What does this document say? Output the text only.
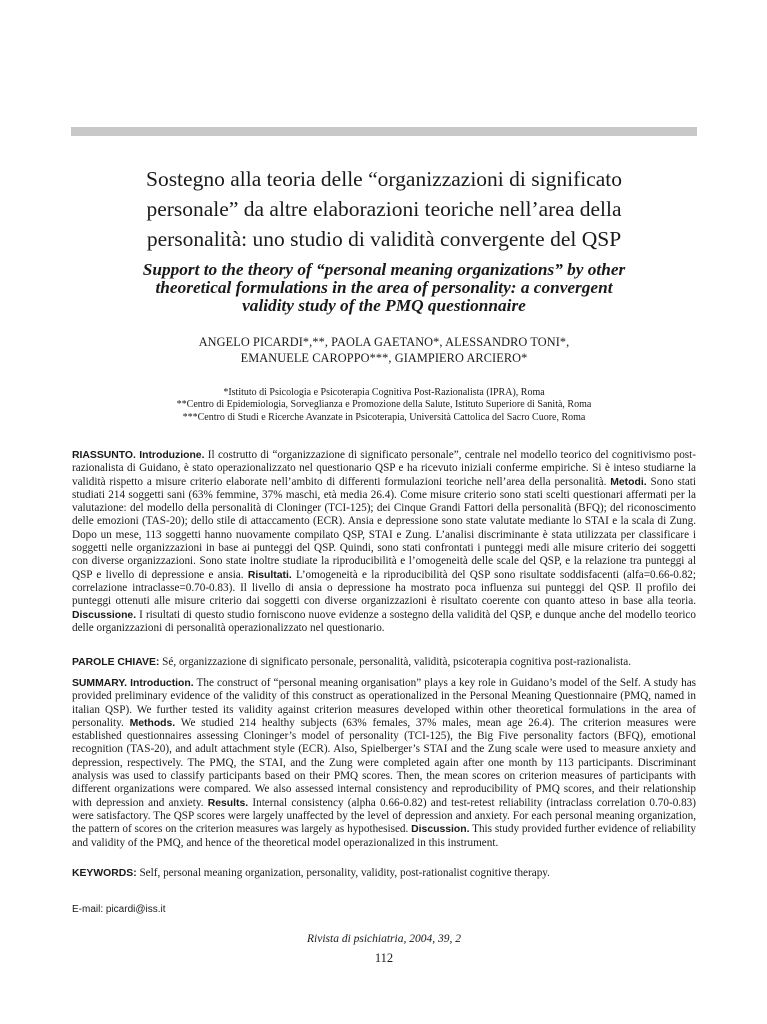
Sostegno alla teoria delle “organizzazioni di significato
personale” da altre elaborazioni teoriche nell’area della
personalità: uno studio di validità convergente del QSP
Support to the theory of “personal meaning organizations” by other
theoretical formulations in the area of personality: a convergent
validity study of the PMQ questionnaire
ANGELO PICARDI*,**, PAOLA GAETANO*, ALESSANDRO TONI*,
EMANUELE CAROPPO***, GIAMPIERO ARCIERO*
*Istituto di Psicologia e Psicoterapia Cognitiva Post-Razionalista (IPRA), Roma
**Centro di Epidemiologia, Sorveglianza e Promozione della Salute, Istituto Superiore di Sanità, Roma
***Centro di Studi e Ricerche Avanzate in Psicoterapia, Università Cattolica del Sacro Cuore, Roma

RIASSUNTO. Introduzione. Il costrutto di “organizzazione di significato personale”, centrale nel modello teorico del cognitivismo post-razionalista di Guidano, è stato operazionalizzato nel questionario QSP e ha ricevuto iniziali conferme empiriche. Si è inteso studiarne la validità rispetto a misure criterio elaborate nell’ambito di differenti formulazioni teoriche nell’area della personalità. Metodi. Sono stati studiati 214 soggetti sani (63% femmine, 37% maschi, età media 26.4). Come misure criterio sono stati scelti questionari affermati per la valutazione: del modello della personalità di Cloninger (TCI-125); dei Cinque Grandi Fattori della personalità (BFQ); del riconoscimento delle emozioni (TAS-20); dello stile di attaccamento (ECR). Ansia e depressione sono state valutate mediante lo STAI e la scala di Zung. Dopo un mese, 113 soggetti hanno nuovamente compilato QSP, STAI e Zung. L’analisi discriminante è stata utilizzata per classificare i soggetti nelle organizzazioni in base ai punteggi del QSP. Quindi, sono stati confrontati i punteggi medi alle misure criterio dei soggetti con diverse organizzazioni. Sono state inoltre studiate la riproducibilità e l’omogeneità delle scale del QSP, e la relazione tra punteggi al QSP e livello di depressione e ansia. Risultati. L’omogeneità e la riproducibilità del QSP sono risultate soddisfacenti (alfa=0.66-0.82; correlazione intraclasse=0.70-0.83). Il livello di ansia o depressione ha mostrato poca influenza sui punteggi del QSP. Il profilo dei punteggi ottenuti alle misure criterio dai soggetti con diverse organizzazioni è risultato coerente con quanto atteso in base alla teoria. Discussione. I risultati di questo studio forniscono nuove evidenze a sostegno della validità del QSP, e dunque anche del modello teorico delle organizzazioni di personalità operazionalizzato nel questionario.

PAROLE CHIAVE: Sé, organizzazione di significato personale, personalità, validità, psicoterapia cognitiva post-razionalista.

SUMMARY. Introduction. The construct of “personal meaning organisation” plays a key role in Guidano’s model of the Self. A study has provided preliminary evidence of the validity of this construct as operationalized in the Personal Meaning Questionnaire (PMQ, named in italian QSP). We further tested its validity against criterion measures developed within other theoretical formulations in the area of personality. Methods. We studied 214 healthy subjects (63% females, 37% males, mean age 26.4). The criterion measures were established questionnaires assessing Cloninger’s model of personality (TCI-125), the Big Five personality factors (BFQ), emotional recognition (TAS-20), and adult attachment style (ECR). Also, Spielberger’s STAI and the Zung scale were used to measure anxiety and depression, respectively. The PMQ, the STAI, and the Zung were completed again after one month by 113 participants. Discriminant analysis was used to classify participants based on their PMQ scores. Then, the mean scores on criterion measures of participants with different organizations were compared. We also assessed internal consistency and reproducibility of PMQ scores, and their relationship with depression and anxiety. Results. Internal consistency (alpha 0.66-0.82) and test-retest reliability (intraclass correlation 0.70-0.83) were satisfactory. The QSP scores were largely unaffected by the level of depression and anxiety. For each personal meaning organization, the pattern of scores on the criterion measures was largely as hypothesised. Discussion. This study provided further evidence of reliability and validity of the PMQ, and hence of the theoretical model operazionalized in this instrument.

KEYWORDS: Self, personal meaning organization, personality, validity, post-rationalist cognitive therapy.

E-mail: picardi@iss.it
Rivista di psichiatria, 2004, 39, 2
112
